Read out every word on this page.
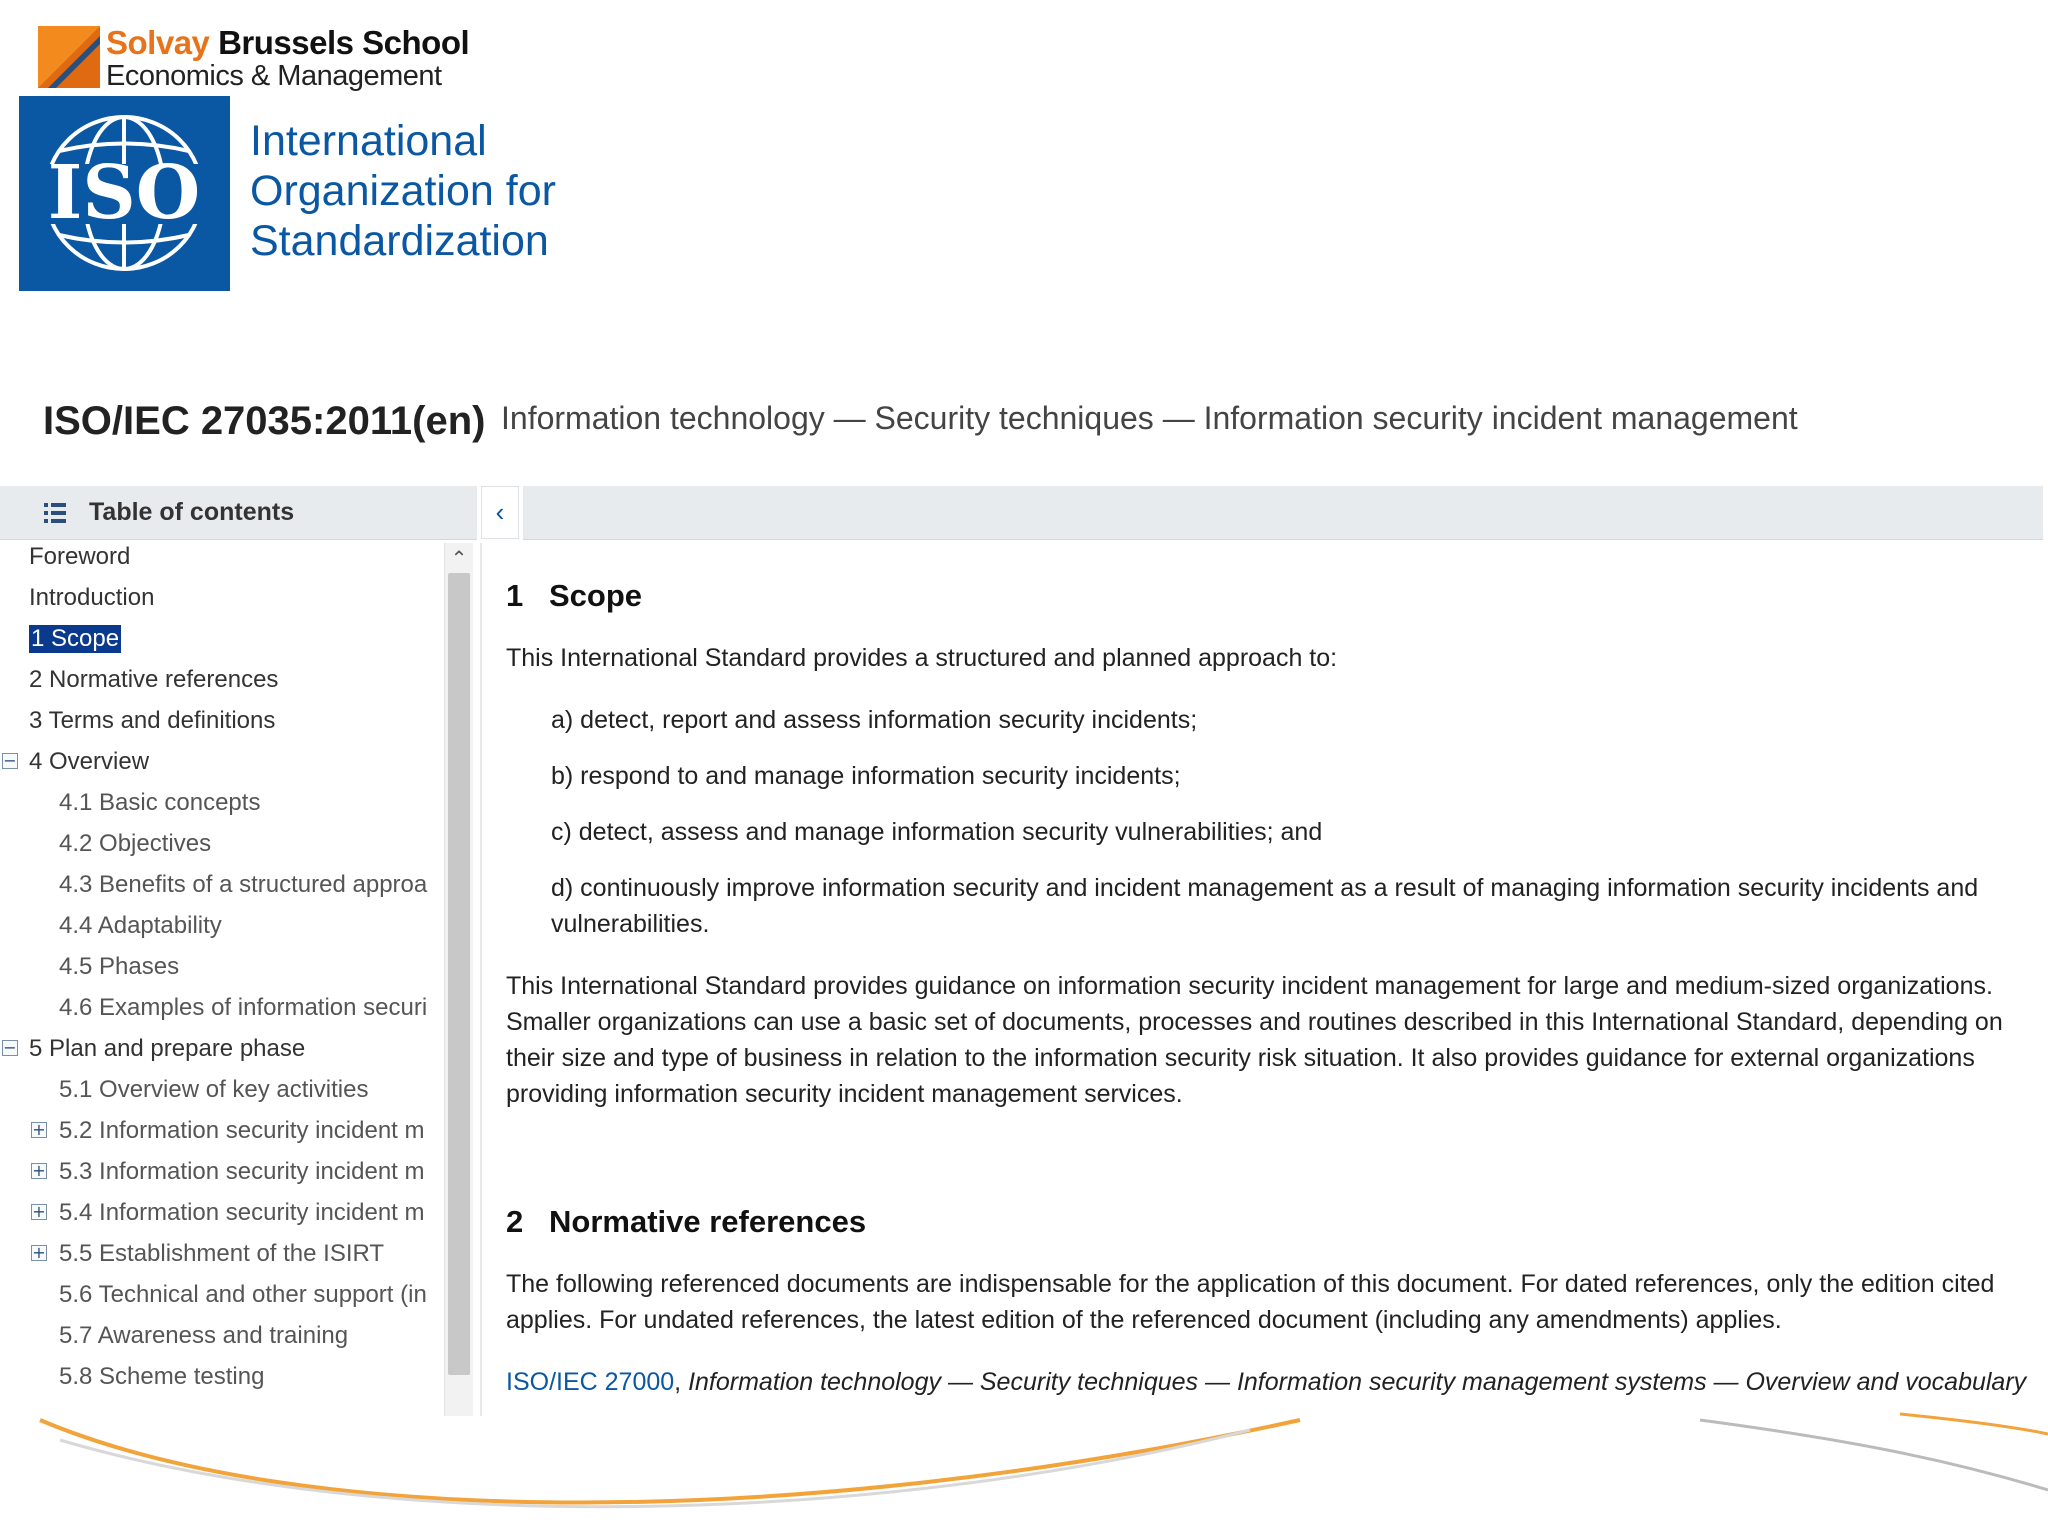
Solvay Brussels School
Economics & Management
ISO
International
Organization for
Standardization
ISO/IEC 27035:2011(en) Information technology — Security techniques — Information security incident management
Table of contents	‹
Foreword
Introduction
1 Scope
2 Normative references
3 Terms and definitions
− 4 Overview
4.1 Basic concepts
4.2 Objectives
4.3 Benefits of a structured approa
4.4 Adaptability
4.5 Phases
4.6 Examples of information securi
− 5 Plan and prepare phase
5.1 Overview of key activities
+ 5.2 Information security incident m
+ 5.3 Information security incident m
+ 5.4 Information security incident m
+ 5.5 Establishment of the ISIRT
5.6 Technical and other support (in
5.7 Awareness and training
5.8 Scheme testing
⌃
1 Scope
This International Standard provides a structured and planned approach to:
a) detect, report and assess information security incidents;
b) respond to and manage information security incidents;
c) detect, assess and manage information security vulnerabilities; and
d) continuously improve information security and incident management as a result of managing information security incidents and vulnerabilities.
This International Standard provides guidance on information security incident management for large and medium-sized organizations. Smaller organizations can use a basic set of documents, processes and routines described in this International Standard, depending on their size and type of business in relation to the information security risk situation. It also provides guidance for external organizations providing information security incident management services.
2 Normative references
The following referenced documents are indispensable for the application of this document. For dated references, only the edition cited applies. For undated references, the latest edition of the referenced document (including any amendments) applies.
ISO/IEC 27000, Information technology — Security techniques — Information security management systems — Overview and vocabulary
